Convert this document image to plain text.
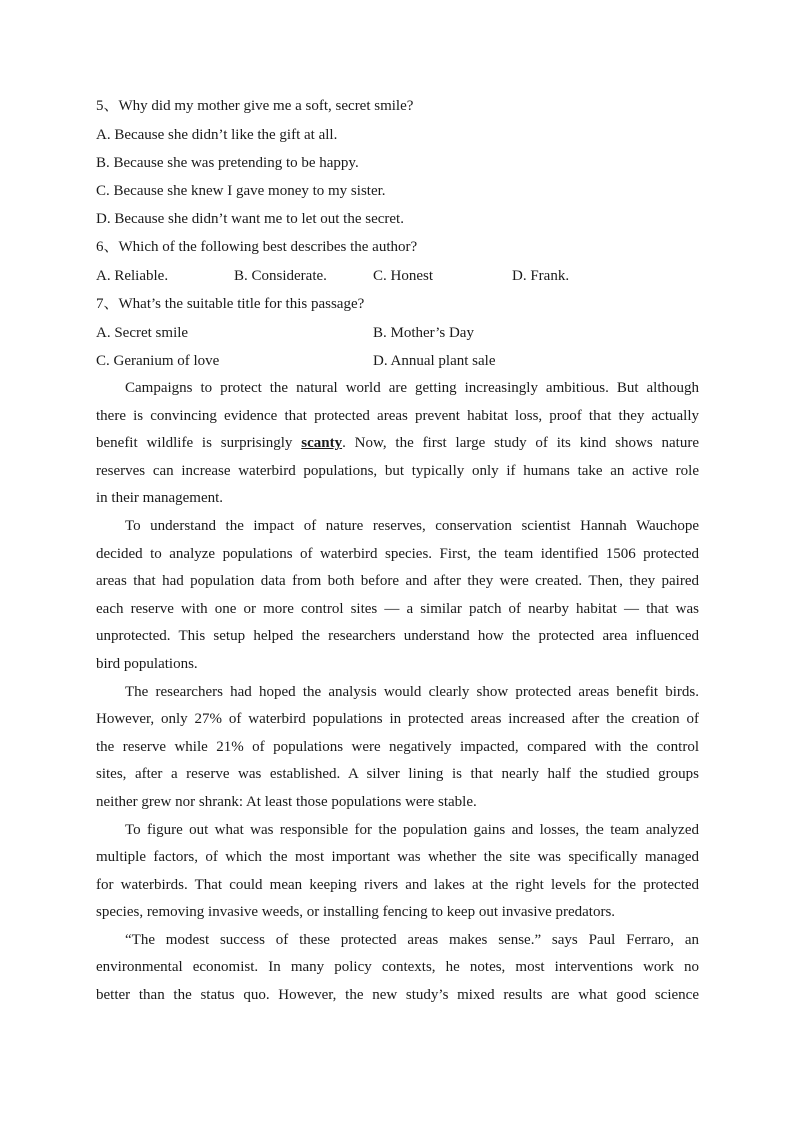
5、Why did my mother give me a soft, secret smile?
A. Because she didn’t like the gift at all.
B. Because she was pretending to be happy.
C. Because she knew I gave money to my sister.
D. Because she didn’t want me to let out the secret.
6、Which of the following best describes the author?
A. Reliable.	B. Considerate.	C. Honest	D. Frank.
7、What’s the suitable title for this passage?
A. Secret smile	B. Mother’s Day
C. Geranium of love	D. Annual plant sale
Campaigns to protect the natural world are getting increasingly ambitious. But although
there is convincing evidence that protected areas prevent habitat loss, proof that they actually
benefit wildlife is surprisingly scanty. Now, the first large study of its kind shows nature
reserves can increase waterbird populations, but typically only if humans take an active role
in their management.
To understand the impact of nature reserves, conservation scientist Hannah Wauchope
decided to analyze populations of waterbird species. First, the team identified 1506 protected
areas that had population data from both before and after they were created. Then, they paired
each reserve with one or more control sites — a similar patch of nearby habitat — that was
unprotected. This setup helped the researchers understand how the protected area influenced
bird populations.
The researchers had hoped the analysis would clearly show protected areas benefit birds.
However, only 27% of waterbird populations in protected areas increased after the creation of
the reserve while 21% of populations were negatively impacted, compared with the control
sites, after a reserve was established. A silver lining is that nearly half the studied groups
neither grew nor shrank: At least those populations were stable.
To figure out what was responsible for the population gains and losses, the team analyzed
multiple factors, of which the most important was whether the site was specifically managed
for waterbirds. That could mean keeping rivers and lakes at the right levels for the protected
species, removing invasive weeds, or installing fencing to keep out invasive predators.
“The modest success of these protected areas makes sense.” says Paul Ferraro, an
environmental economist. In many policy contexts, he notes, most interventions work no
better than the status quo. However, the new study’s mixed results are what good science
